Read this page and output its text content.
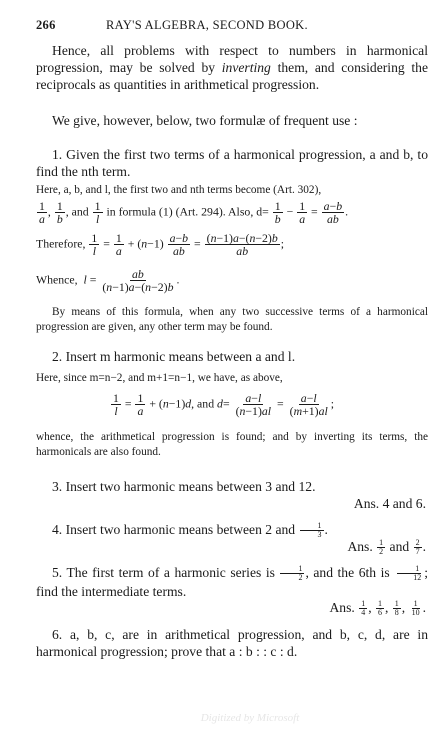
266	RAY'S ALGEBRA, SECOND BOOK.
Hence, all problems with respect to numbers in harmonical progression, may be solved by inverting them, and considering the reciprocals as quantities in arithmetical progression.
We give, however, below, two formulæ of frequent use :
1. Given the first two terms of a harmonical progression, a and b, to find the nth term.
Here, a, b, and l, the first two and nth terms become (Art. 302),
$\frac{1}{a}$ , $\frac{1}{b}$ , and $\frac{1}{l}$ in formula (1) (Art. 294). Also, $d= \frac{1}{b} - \frac{1}{a} = \frac{a-b}{ab}$ .
Therefore, $\frac{1}{l} = \frac{1}{a} + (n-1) \frac{a-b}{ab} = \frac{(n-1)a-(n-2)b}{ab}$ ;
Whence, $l = \frac{ab}{(n-1)a-(n-2)b}$ .
By means of this formula, when any two successive terms of a harmonical progression are given, any other term may be found.
2. Insert m harmonic means between a and l.
Here, since m=n−2, and m+1=n−1, we have, as above,
$\frac{1}{l} = \frac{1}{a} + (n-1)d$, and $d= \frac{a-l}{(n-1)al} = \frac{a-l}{(m+1)al}$ ;
whence, the arithmetical progression is found; and by inverting its terms, the harmonicals are also found.
3. Insert two harmonic means between 3 and 12.
Ans. 4 and 6.
4. Insert two harmonic means between 2 and $\frac{1}{3}$ .
Ans. $\frac{1}{2}$ and $\frac{2}{7}$ .
5. The first term of a harmonic series is $\frac{1}{2}$ , and the 6th is $\frac{1}{12}$ ; find the intermediate terms.
Ans. $\frac{1}{4}$ , $\frac{1}{6}$ , $\frac{1}{8}$ , $\frac{1}{10}$ .
6. a, b, c, are in arithmetical progression, and b, c, d, are in harmonical progression; prove that a : b : : c : d.
Digitized by Microsoft
